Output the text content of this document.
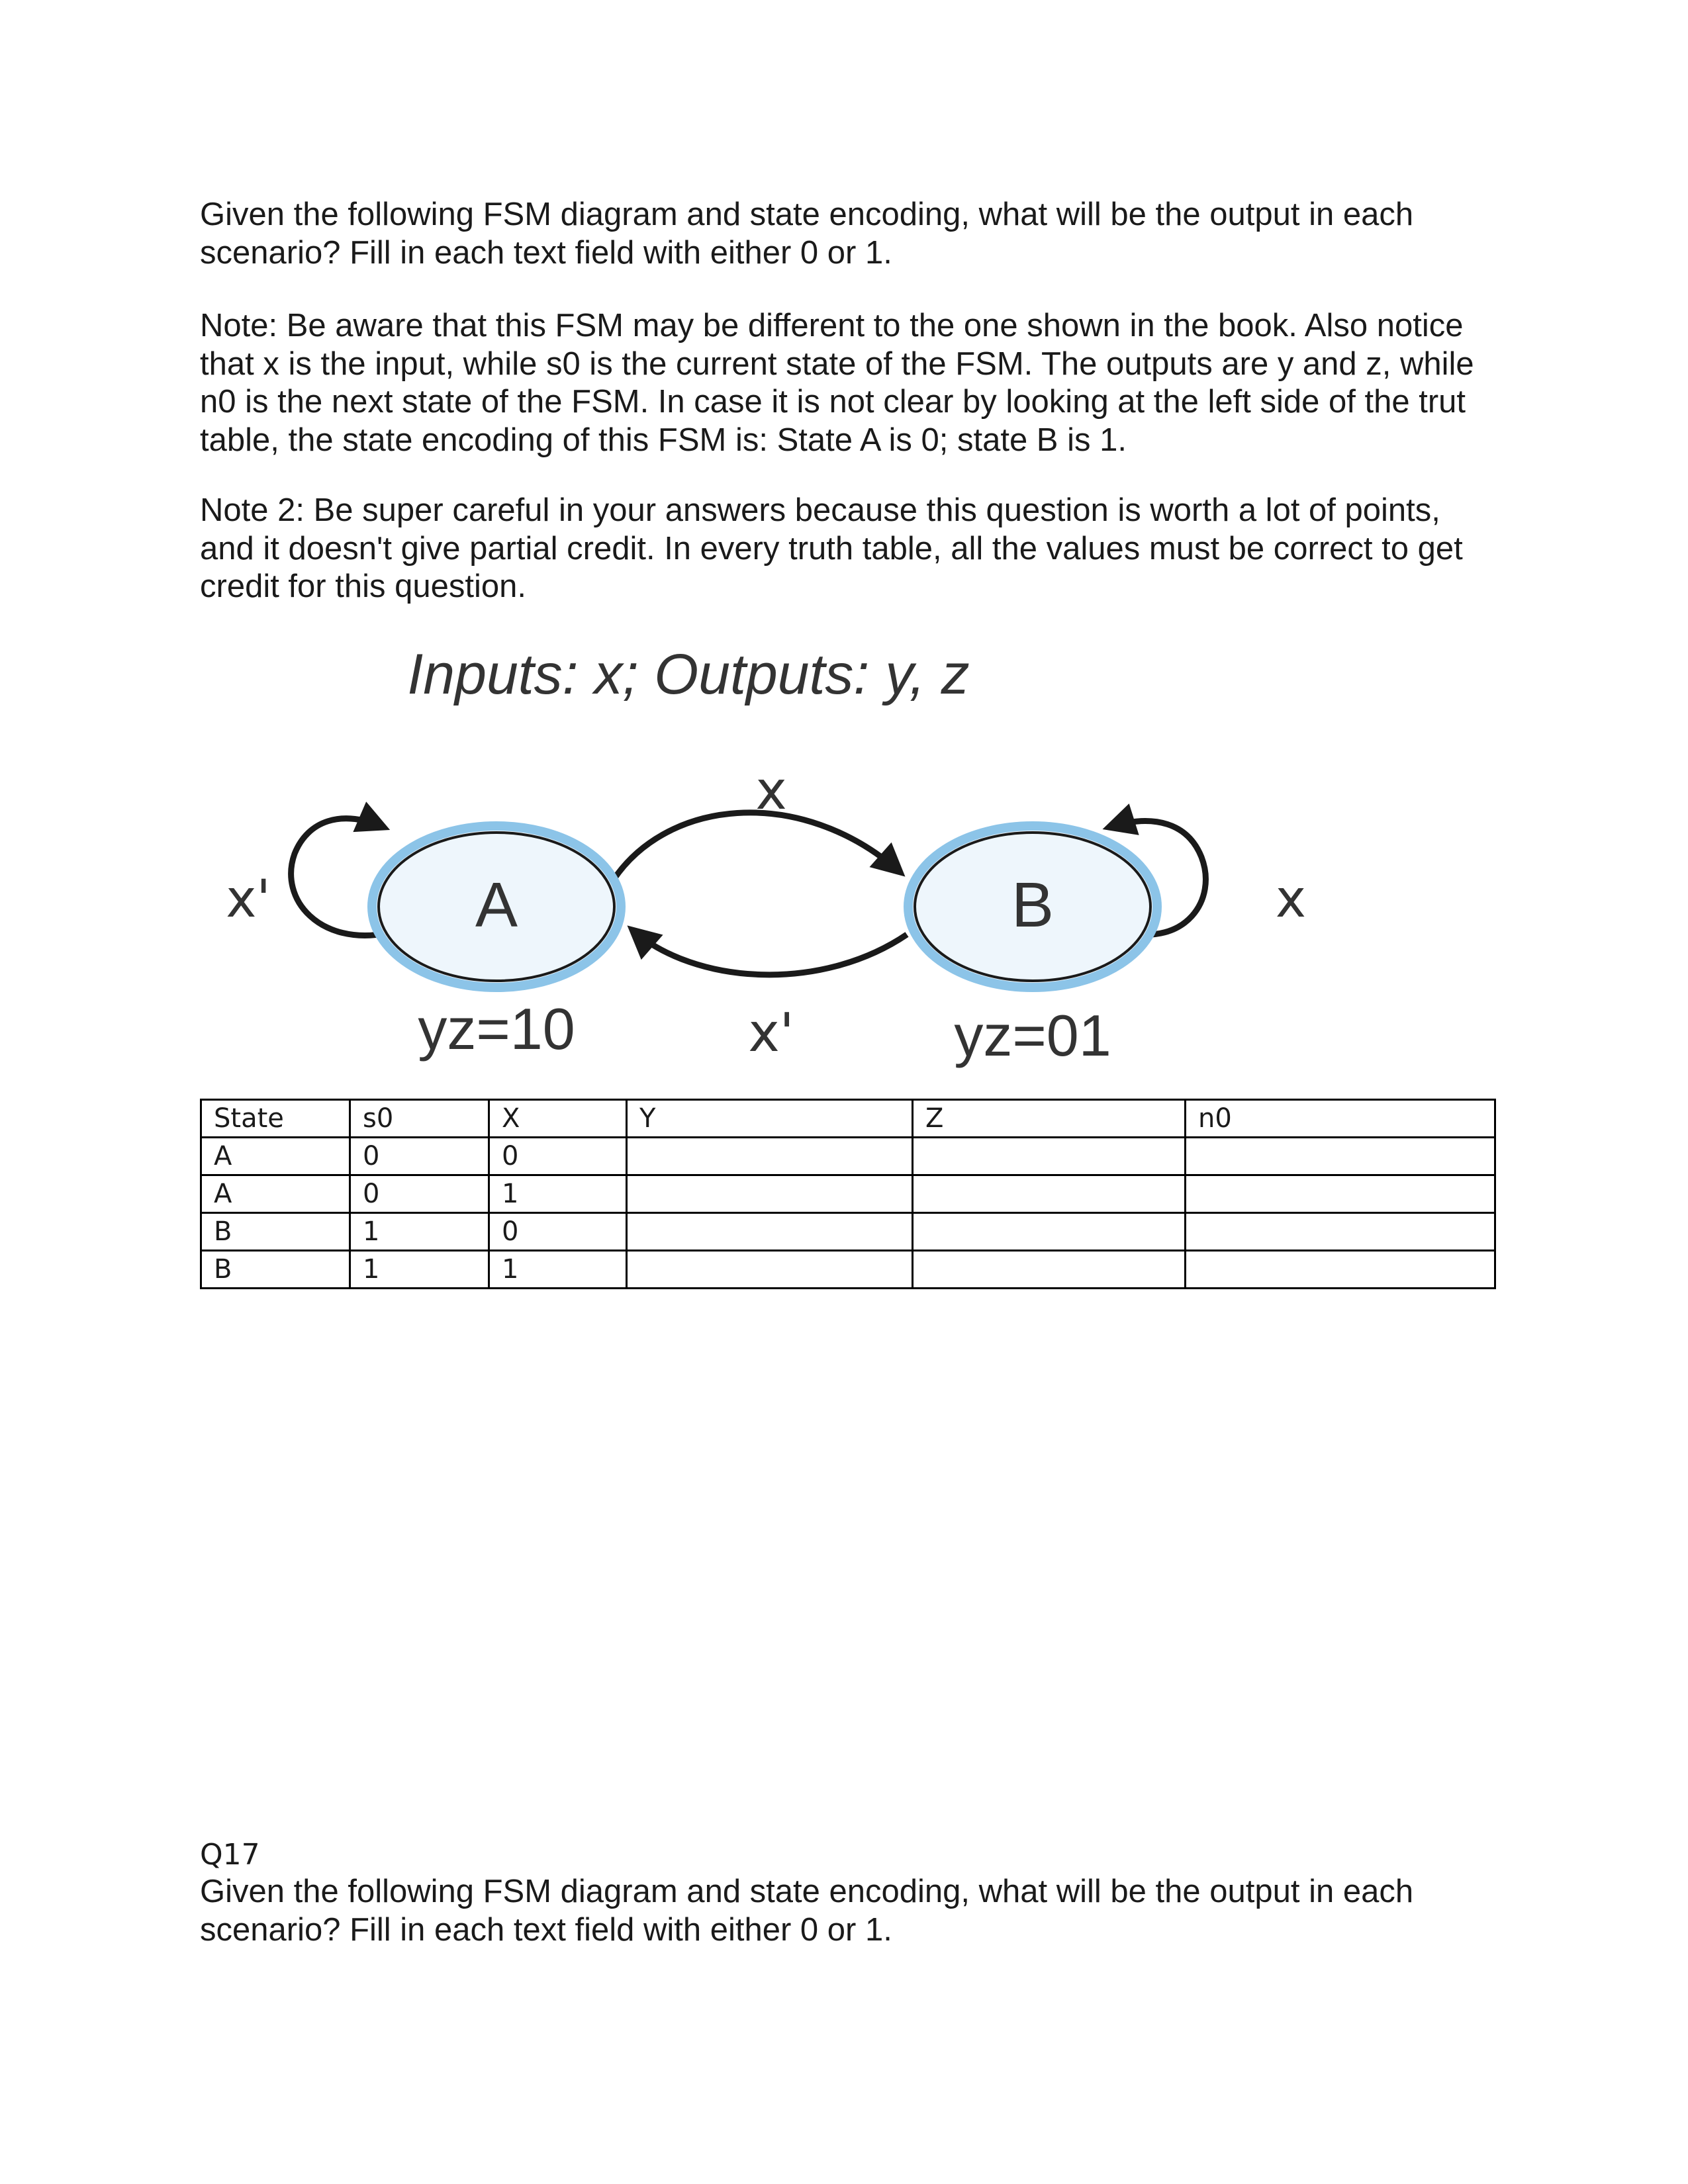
Given the following FSM diagram and state encoding, what will be the output in each scenario? Fill in each text field with either 0 or 1.

Note: Be aware that this FSM may be different to the one shown in the book. Also notice that x is the input, while s0 is the current state of the FSM. The outputs are y and z, while n0 is the next state of the FSM. In case it is not clear by looking at the left side of the trut table, the state encoding of this FSM is: State A is 0; state B is 1.

Note 2: Be super careful in your answers because this question is worth a lot of points, and it doesn't give partial credit. In every truth table, all the values must be correct to get credit for this question.

Inputs: x; Outputs: y, z
x
x'
x'	x
A	B
yz=10	yz=01
State	s0	X	Y	Z	n0
A	0	0			
A	0	1			
B	1	0			
B	1	1			
Q17

Given the following FSM diagram and state encoding, what will be the output in each scenario? Fill in each text field with either 0 or 1.
